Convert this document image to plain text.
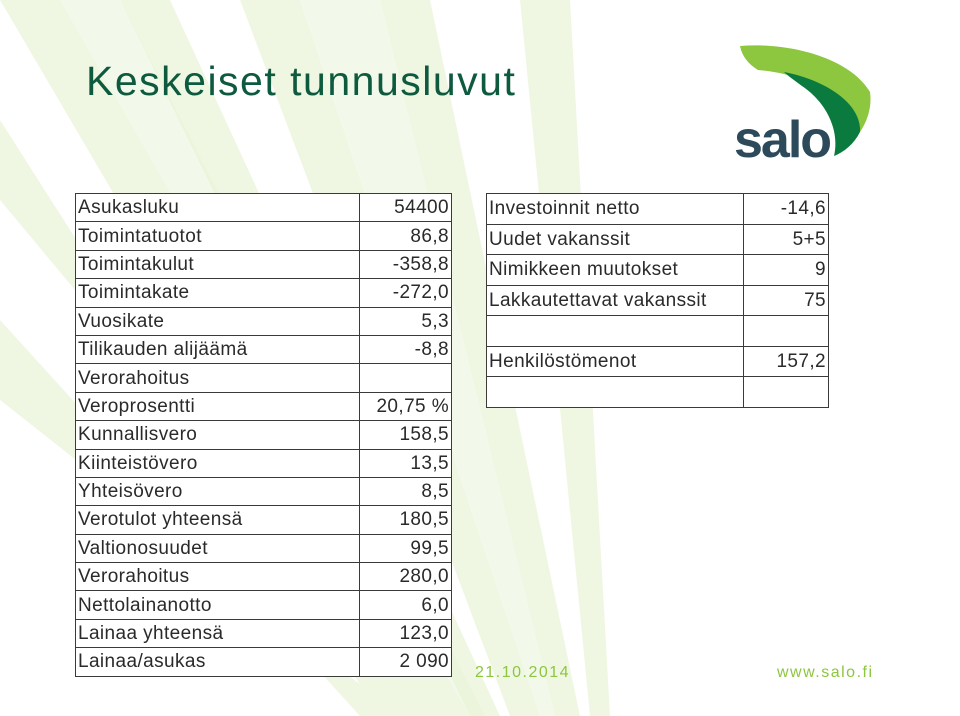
Keskeiset tunnusluvut
salo
Asukasluku	54400
Toimintatuotot	86,8
Toimintakulut	-358,8
Toimintakate	-272,0
Vuosikate	5,3
Tilikauden alijäämä	-8,8
Verorahoitus	
Veroprosentti	20,75 %
Kunnallisvero	158,5
Kiinteistövero	13,5
Yhteisövero	8,5
Verotulot yhteensä	180,5
Valtionosuudet	99,5
Verorahoitus	280,0
Nettolainanotto	6,0
Lainaa yhteensä	123,0
Lainaa/asukas	2 090
Investoinnit netto	-14,6
Uudet vakanssit	5+5
Nimikkeen muutokset	9
Lakkautettavat vakanssit	75

Henkilöstömenot	157,2

21.10.2014	www.salo.fi
